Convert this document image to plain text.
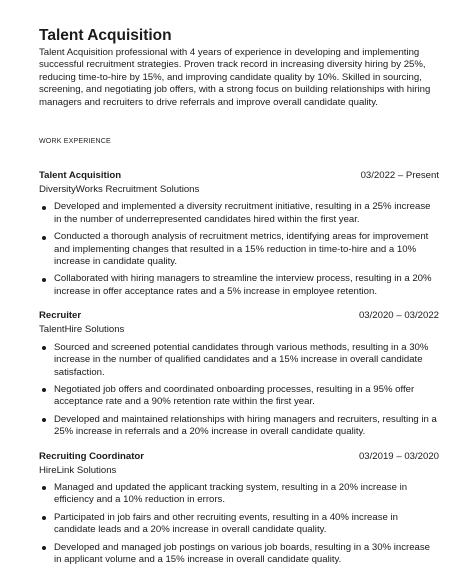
Talent Acquisition
Talent Acquisition professional with 4 years of experience in developing and implementing successful recruitment strategies. Proven track record in increasing diversity hiring by 25%, reducing time-to-hire by 15%, and improving candidate quality by 10%. Skilled in sourcing, screening, and negotiating job offers, with a strong focus on building relationships with hiring managers and recruiters to drive referrals and improve overall candidate quality.
WORK EXPERIENCE
Talent Acquisition	03/2022 – Present
DiversityWorks Recruitment Solutions
Developed and implemented a diversity recruitment initiative, resulting in a 25% increase in the number of underrepresented candidates hired within the first year.
Conducted a thorough analysis of recruitment metrics, identifying areas for improvement and implementing changes that resulted in a 15% reduction in time-to-hire and a 10% increase in candidate quality.
Collaborated with hiring managers to streamline the interview process, resulting in a 20% increase in offer acceptance rates and a 5% increase in employee retention.
Recruiter	03/2020 – 03/2022
TalentHire Solutions
Sourced and screened potential candidates through various methods, resulting in a 30% increase in the number of qualified candidates and a 15% increase in overall candidate satisfaction.
Negotiated job offers and coordinated onboarding processes, resulting in a 95% offer acceptance rate and a 90% retention rate within the first year.
Developed and maintained relationships with hiring managers and recruiters, resulting in a 25% increase in referrals and a 20% increase in overall candidate quality.
Recruiting Coordinator	03/2019 – 03/2020
HireLink Solutions
Managed and updated the applicant tracking system, resulting in a 20% increase in efficiency and a 10% reduction in errors.
Participated in job fairs and other recruiting events, resulting in a 40% increase in candidate leads and a 20% increase in overall candidate quality.
Developed and managed job postings on various job boards, resulting in a 30% increase in applicant volume and a 15% increase in overall candidate quality.
